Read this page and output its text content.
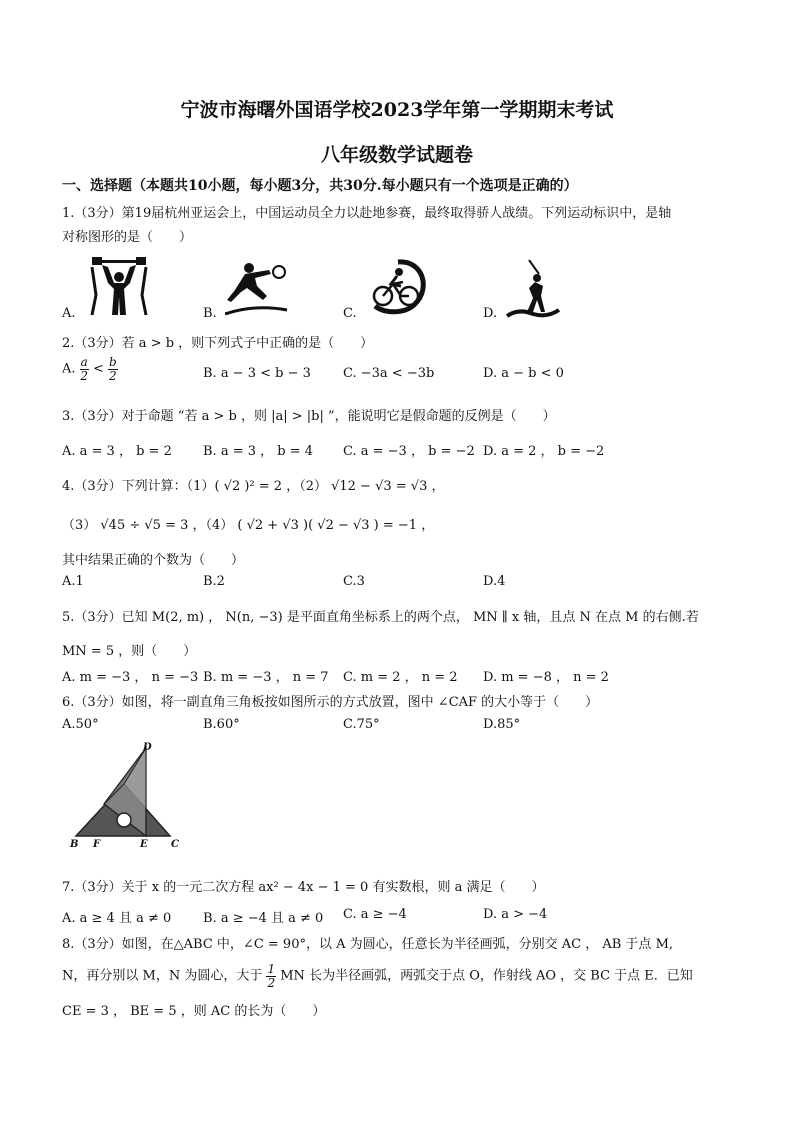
宁波市海曙外国语学校2023学年第一学期期末考试
八年级数学试题卷
一、选择题（本题共10小题，每小题3分，共30分.每小题只有一个选项是正确的）
1.（3分）第19届杭州亚运会上，中国运动员全力以赴地参赛，最终取得骄人战绩。下列运动标识中，是轴
对称图形的是（　　）
A.	B.	C.	D.
2.（3分）若 a > b ，则下列式子中正确的是（　　）
A. $\frac{a}{2} < \frac{b}{2}$	B. a − 3 < b − 3 C. −3a < −3b	D. a − b < 0
3.（3分）对于命题 “若 a > b ，则 |a| > |b| ”，能说明它是假命题的反例是（　　）
A. a = 3 ， b = 2 B. a = 3 ， b = 4 C. a = −3 ， b = −2 D. a = 2 ， b = −2
4.（3分）下列计算：（1）( √2 )² = 2 ，（2） √12 − √3 = √3 ，
（3） √45 ÷ √5 = 3 ，（4） ( √2 + √3 )( √2 − √3 ) = −1 ，
其中结果正确的个数为（　　）
A.1	B.2	C.3	D.4
5.（3分）已知 M(2, m) ， N(n, −3) 是平面直角坐标系上的两个点， MN ∥ x 轴，且点 N 在点 M 的右侧.若
MN = 5 ，则（　　）
A. m = −3 ， n = −3 B. m = −3 ， n = 7 C. m = 2 ， n = 2 D. m = −8 ， n = 2
6.（3分）如图，将一副直角三角板按如图所示的方式放置，图中 ∠CAF 的大小等于（　　）
A.50°	B.60°	C.75°	D.85°
D
B F	E C
7.（3分）关于 x 的一元二次方程 ax² − 4x − 1 = 0 有实数根，则 a 满足（　　）
A. a ≥ 4 且 a ≠ 0 B. a ≥ −4 且 a ≠ 0 C. a ≥ −4	D. a > −4
8.（3分）如图，在△ABC 中，∠C = 90°，以 A 为圆心，任意长为半径画弧，分别交 AC ， AB 于点 M,
N，再分别以 M，N 为圆心，大于 $\frac{1}{2}$ MN 长为半径画弧，两弧交于点 O，作射线 AO ，交 BC 于点 E．已知
CE = 3 ， BE = 5 ，则 AC 的长为（　　）
